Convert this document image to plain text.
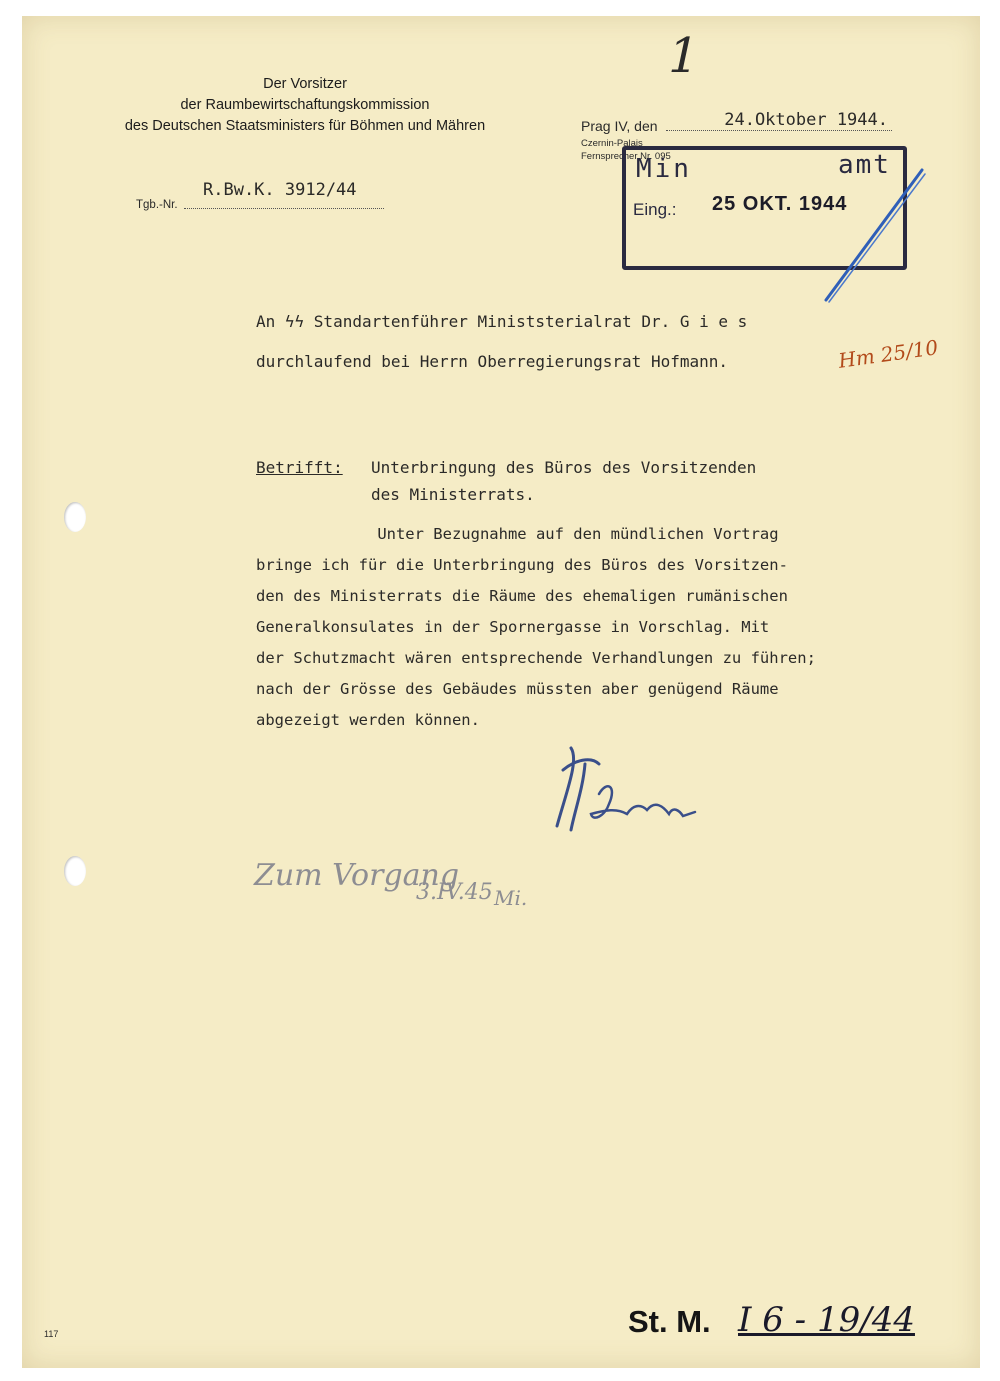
1
Der Vorsitzer
der Raumbewirtschaftungskommission
des Deutschen Staatsministers für Böhmen und Mähren	Prag IV, den	24.Oktober 1944.
Czernin-Palais
Fernsprecher Nr. 095
Tgb.-Nr.
R.Bw.K. 3912/44
Min	amt
Eing.: 25 OKT. 1944
An ϟϟ Standartenführer Ministsterialrat Dr. G i e s
durchlaufend bei Herrn Oberregierungsrat Hofmann.	Hm 25/10
Betrifft: Unterbringung des Büros des Vorsitzenden
des Ministerrats.
Unter Bezugnahme auf den mündlichen Vortrag
bringe ich für die Unterbringung des Büros des Vorsitzen-
den des Ministerrats die Räume des ehemaligen rumänischen
Generalkonsulates in der Spornergasse in Vorschlag. Mit
der Schutzmacht wären entsprechende Verhandlungen zu führen;
nach der Grösse des Gebäudes müssten aber genügend Räume
abgezeigt werden können.
Zum Vorgang
3.IV.45 Mi.
St. M. I 6 - 19/44
117
